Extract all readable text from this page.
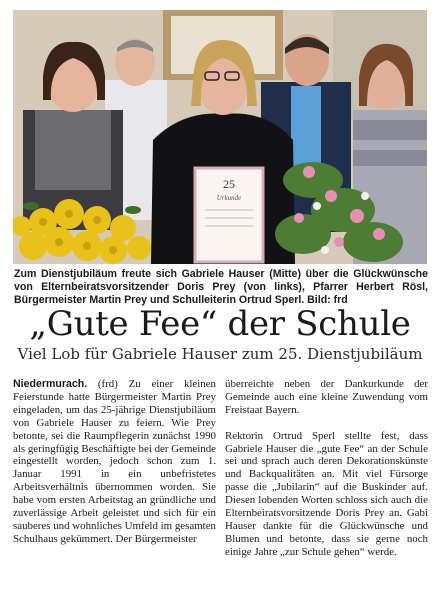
25
Urkunde
Zum Dienstjubiläum freute sich Gabriele Hauser (Mitte) über die Glückwünsche von Elternbeiratsvorsitzender Doris Prey (von links), Pfarrer Herbert Rösl, Bürgermeister Martin Prey und Schulleiterin Ortrud Sperl. Bild: frd
„Gute Fee“ der Schule
Viel Lob für Gabriele Hauser zum 25. Dienstjubiläum

Niedermurach. (frd) Zu einer kleinen Feierstunde hatte Bürgermeister Martin Prey eingeladen, um das 25-jährige Dienstjubiläum von Gabriele Hauser zu feiern. Wie Prey betonte, sei die Raumpflegerin zunächst 1990 als geringfügig Beschäftigte bei der Gemeinde eingestellt worden, jedoch schon zum 1. Januar 1991 in ein unbefristetes Arbeitsverhältnis übernommen worden. Sie habe vom ersten Arbeitstag an gründliche und zuverlässige Arbeit geleistet und sich für ein sauberes und wohnliches Umfeld im gesamten Schulhaus gekümmert. Der Bürgermeister

überreichte neben der Dankurkunde der Gemeinde auch eine kleine Zuwendung vom Freistaat Bayern.

Rektorin Ortrud Sperl stellte fest, dass Gabriele Hauser die „gute Fee“ an der Schule sei und sprach auch deren Dekorationskünste und Backqualitäten an. Mit viel Fürsorge passe die „Jubilarin“ auf die Buskinder auf. Diesen lobenden Worten schloss sich auch die Elternbeiratsvorsitzende Doris Prey an. Gabi Hauser dankte für die Glückwünsche und Blumen und betonte, dass sie gerne noch einige Jahre „zur Schule gehen“ werde.
